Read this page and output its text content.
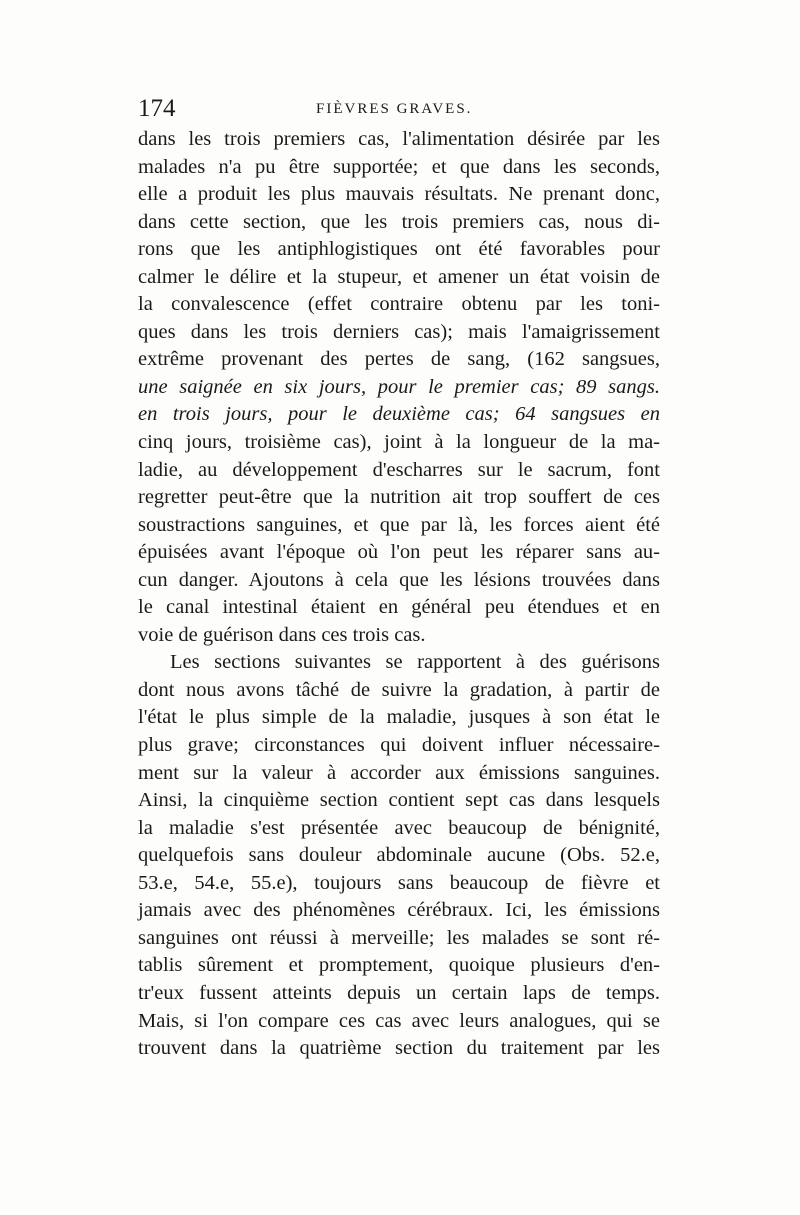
174	FIÈVRES GRAVES.
dans les trois premiers cas, l'alimentation désirée par les
malades n'a pu être supportée; et que dans les seconds,
elle a produit les plus mauvais résultats. Ne prenant donc,
dans cette section, que les trois premiers cas, nous di-
rons que les antiphlogistiques ont été favorables pour
calmer le délire et la stupeur, et amener un état voisin de
la convalescence (effet contraire obtenu par les toni-
ques dans les trois derniers cas); mais l'amaigrissement
extrême provenant des pertes de sang, (162 sangsues,
une saignée en six jours, pour le premier cas; 89 sangs.
en trois jours, pour le deuxième cas; 64 sangsues en
cinq jours, troisième cas), joint à la longueur de la ma-
ladie, au développement d'escharres sur le sacrum, font
regretter peut-être que la nutrition ait trop souffert de ces
soustractions sanguines, et que par là, les forces aient été
épuisées avant l'époque où l'on peut les réparer sans au-
cun danger. Ajoutons à cela que les lésions trouvées dans
le canal intestinal étaient en général peu étendues et en
voie de guérison dans ces trois cas.
Les sections suivantes se rapportent à des guérisons
dont nous avons tâché de suivre la gradation, à partir de
l'état le plus simple de la maladie, jusques à son état le
plus grave; circonstances qui doivent influer nécessaire-
ment sur la valeur à accorder aux émissions sanguines.
Ainsi, la cinquième section contient sept cas dans lesquels
la maladie s'est présentée avec beaucoup de bénignité,
quelquefois sans douleur abdominale aucune (Obs. 52.e,
53.e, 54.e, 55.e), toujours sans beaucoup de fièvre et
jamais avec des phénomènes cérébraux. Ici, les émissions
sanguines ont réussi à merveille; les malades se sont ré-
tablis sûrement et promptement, quoique plusieurs d'en-
tr'eux fussent atteints depuis un certain laps de temps.
Mais, si l'on compare ces cas avec leurs analogues, qui se
trouvent dans la quatrième section du traitement par les
